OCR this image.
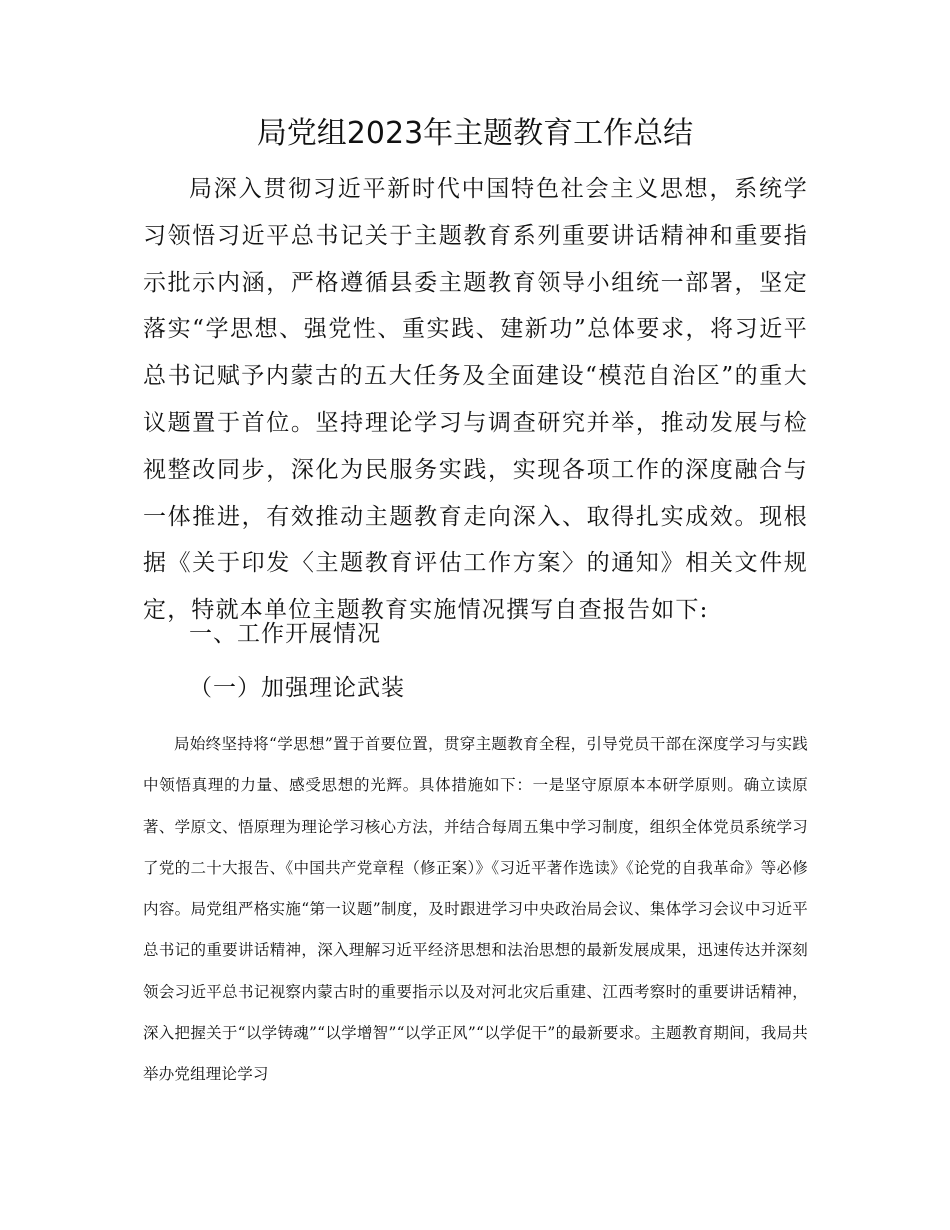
局党组2023年主题教育工作总结

局深入贯彻习近平新时代中国特色社会主义思想，系统学习领悟习近平总书记关于主题教育系列重要讲话精神和重要指示批示内涵，严格遵循县委主题教育领导小组统一部署，坚定落实“学思想、强党性、重实践、建新功”总体要求，将习近平总书记赋予内蒙古的五大任务及全面建设“模范自治区”的重大议题置于首位。坚持理论学习与调查研究并举，推动发展与检视整改同步，深化为民服务实践，实现各项工作的深度融合与一体推进，有效推动主题教育走向深入、取得扎实成效。现根据《关于印发〈主题教育评估工作方案〉的通知》相关文件规定，特就本单位主题教育实施情况撰写自查报告如下:

一、工作开展情况

（一）加强理论武装

局始终坚持将“学思想”置于首要位置，贯穿主题教育全程，引导党员干部在深度学习与实践中领悟真理的力量、感受思想的光辉。具体措施如下：一是坚守原原本本研学原则。确立读原著、学原文、悟原理为理论学习核心方法，并结合每周五集中学习制度，组织全体党员系统学习了党的二十大报告、《中国共产党章程（修正案）》《习近平著作选读》《论党的自我革命》等必修内容。局党组严格实施“第一议题”制度，及时跟进学习中央政治局会议、集体学习会议中习近平总书记的重要讲话精神，深入理解习近平经济思想和法治思想的最新发展成果，迅速传达并深刻领会习近平总书记视察内蒙古时的重要指示以及对河北灾后重建、江西考察时的重要讲话精神，深入把握关于“以学铸魂”“以学增智”“以学正风”“以学促干”的最新要求。主题教育期间，我局共举办党组理论学习
